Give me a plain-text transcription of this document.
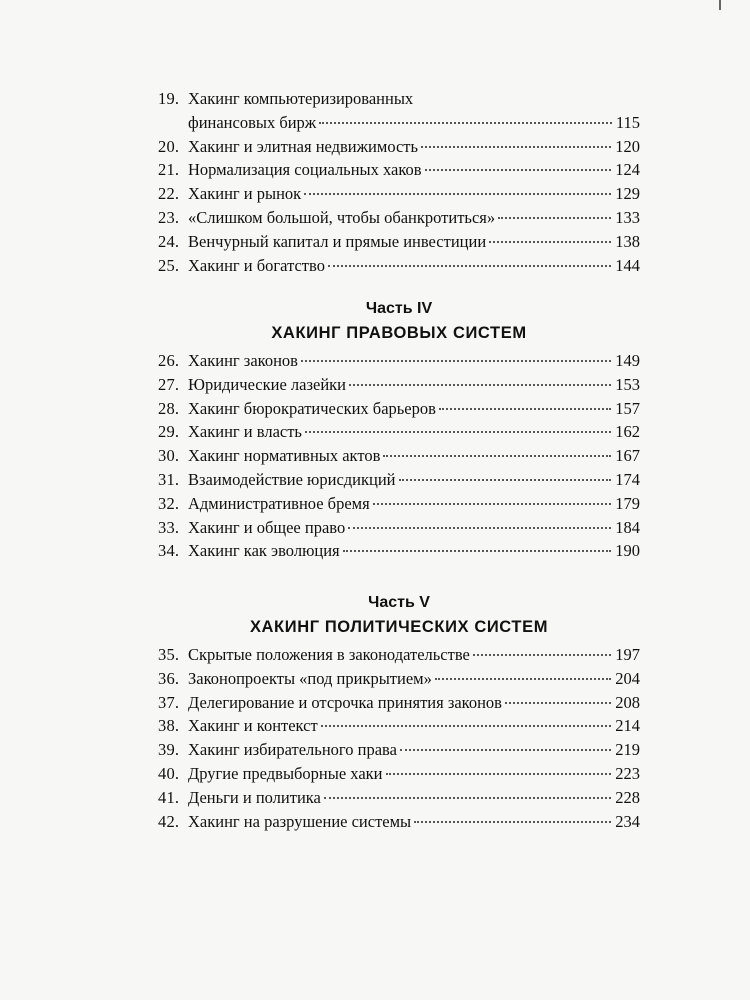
19. Хакинг компьютеризированных
финансовых бирж	115
20. Хакинг и элитная недвижимость	120
21. Нормализация социальных хаков	124
22. Хакинг и рынок	129
23. «Слишком большой, чтобы обанкротиться»	133
24. Венчурный капитал и прямые инвестиции	138
25. Хакинг и богатство	144
Часть IV
ХАКИНГ ПРАВОВЫХ СИСТЕМ
26. Хакинг законов	149
27. Юридические лазейки	153
28. Хакинг бюрократических барьеров	157
29. Хакинг и власть	162
30. Хакинг нормативных актов	167
31. Взаимодействие юрисдикций	174
32. Административное бремя	179
33. Хакинг и общее право	184
34. Хакинг как эволюция	190
Часть V
ХАКИНГ ПОЛИТИЧЕСКИХ СИСТЕМ
35. Скрытые положения в законодательстве	197
36. Законопроекты «под прикрытием»	204
37. Делегирование и отсрочка принятия законов	208
38. Хакинг и контекст	214
39. Хакинг избирательного права	219
40. Другие предвыборные хаки	223
41. Деньги и политика	228
42. Хакинг на разрушение системы	234
